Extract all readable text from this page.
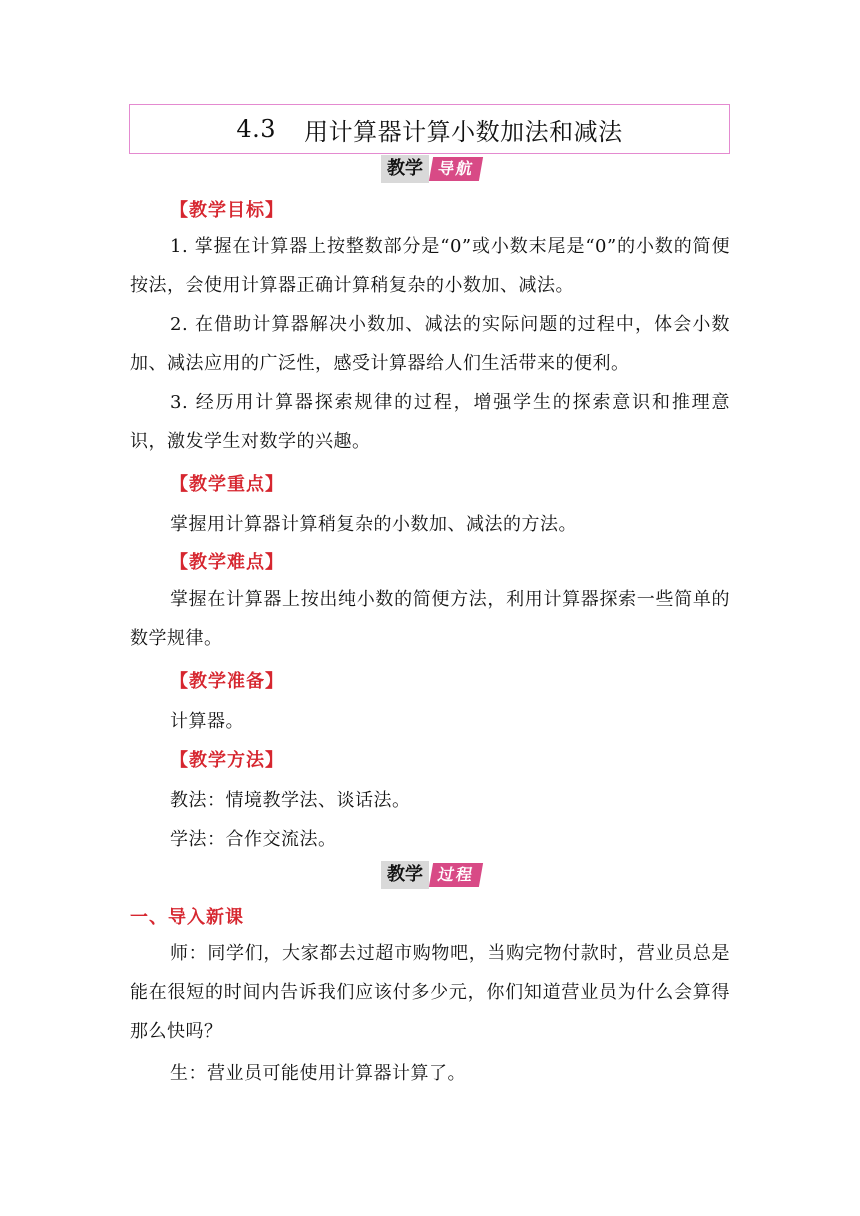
4.3 用计算器计算小数加法和减法
教学 导航
【教学目标】
1. 掌握在计算器上按整数部分是“0”或小数末尾是“0”的小数的简便按法，会使用计算器正确计算稍复杂的小数加、减法。
2. 在借助计算器解决小数加、减法的实际问题的过程中，体会小数加、减法应用的广泛性，感受计算器给人们生活带来的便利。
3. 经历用计算器探索规律的过程，增强学生的探索意识和推理意识，激发学生对数学的兴趣。
【教学重点】
掌握用计算器计算稍复杂的小数加、减法的方法。
【教学难点】
掌握在计算器上按出纯小数的简便方法，利用计算器探索一些简单的数学规律。
【教学准备】
计算器。
【教学方法】
教法：情境教学法、谈话法。
学法：合作交流法。
教学 过程
一、导入新课
师：同学们，大家都去过超市购物吧，当购完物付款时，营业员总是能在很短的时间内告诉我们应该付多少元，你们知道营业员为什么会算得那么快吗？
生：营业员可能使用计算器计算了。
